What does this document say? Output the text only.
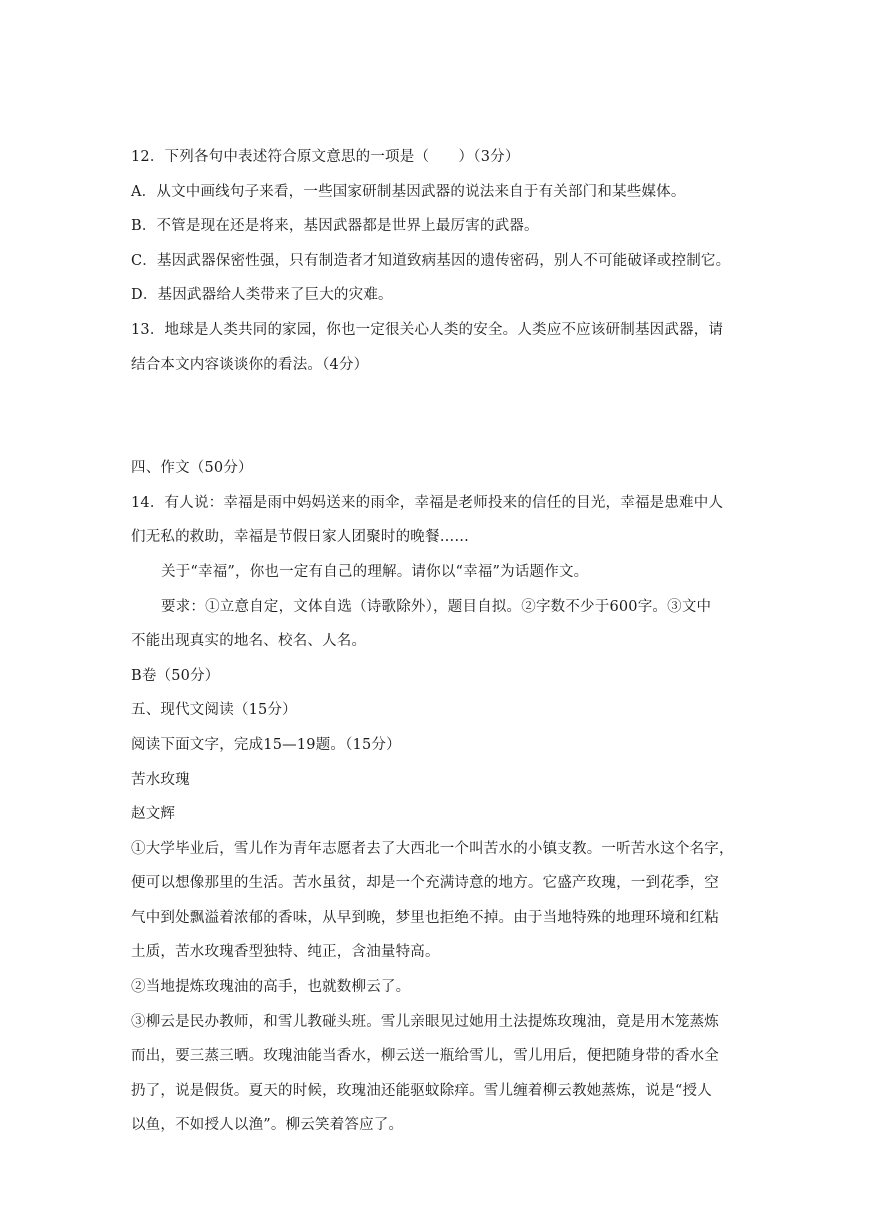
12．下列各句中表述符合原文意思的一项是（　　）（3分）
A．从文中画线句子来看，一些国家研制基因武器的说法来自于有关部门和某些媒体。
B．不管是现在还是将来，基因武器都是世界上最厉害的武器。
C．基因武器保密性强，只有制造者才知道致病基因的遗传密码，别人不可能破译或控制它。
D．基因武器给人类带来了巨大的灾难。
13．地球是人类共同的家园，你也一定很关心人类的安全。人类应不应该研制基因武器，请
结合本文内容谈谈你的看法。（4分）
四、作文（50分）
14．有人说：幸福是雨中妈妈送来的雨伞，幸福是老师投来的信任的目光，幸福是患难中人
们无私的救助，幸福是节假日家人团聚时的晚餐……
关于“幸福”，你也一定有自己的理解。请你以“幸福”为话题作文。
要求：①立意自定，文体自选（诗歌除外），题目自拟。②字数不少于600字。③文中
不能出现真实的地名、校名、人名。
B卷（50分）
五、现代文阅读（15分）
阅读下面文字，完成15—19题。（15分）
苦水玫瑰
赵文辉
①大学毕业后，雪儿作为青年志愿者去了大西北一个叫苦水的小镇支教。一听苦水这个名字，
便可以想像那里的生活。苦水虽贫，却是一个充满诗意的地方。它盛产玫瑰，一到花季，空
气中到处飘溢着浓郁的香味，从早到晚，梦里也拒绝不掉。由于当地特殊的地理环境和红粘
土质，苦水玫瑰香型独特、纯正，含油量特高。
②当地提炼玫瑰油的高手，也就数柳云了。
③柳云是民办教师，和雪儿教碰头班。雪儿亲眼见过她用土法提炼玫瑰油，竟是用木笼蒸炼
而出，要三蒸三晒。玫瑰油能当香水，柳云送一瓶给雪儿，雪儿用后，便把随身带的香水全
扔了，说是假货。夏天的时候，玫瑰油还能驱蚊除痒。雪儿缠着柳云教她蒸炼，说是“授人
以鱼，不如授人以渔”。柳云笑着答应了。
